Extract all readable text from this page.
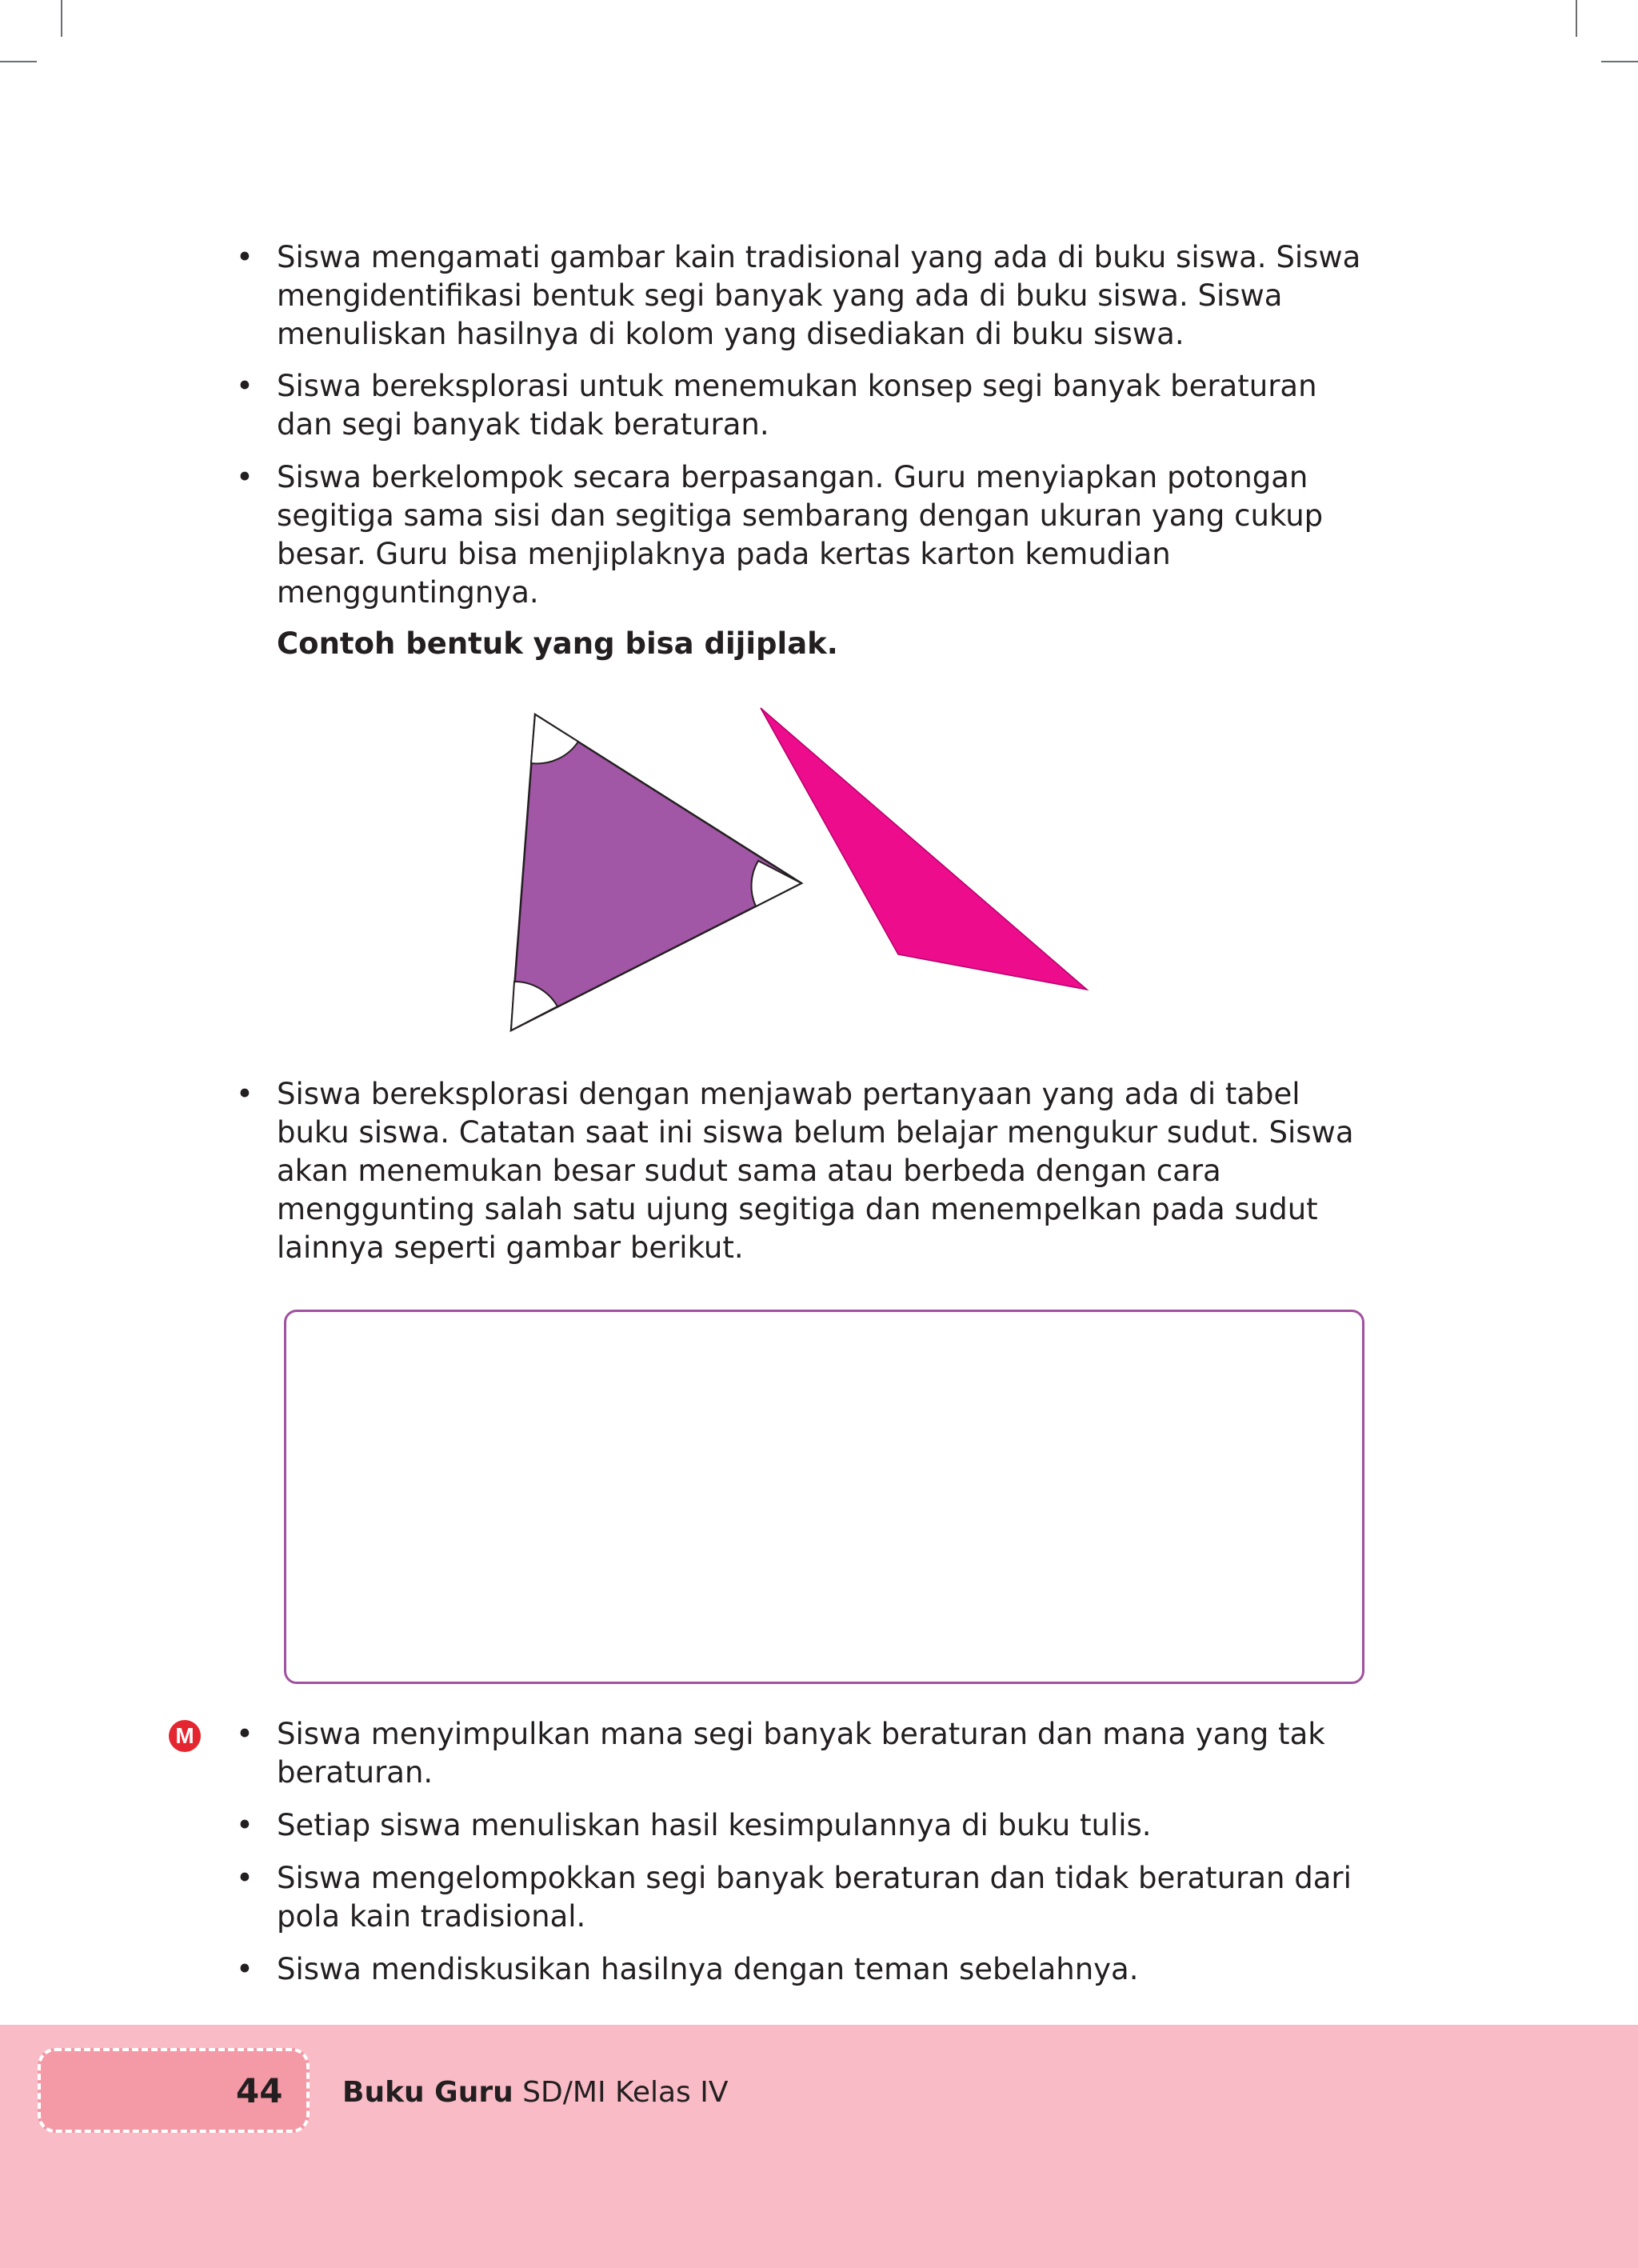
• Siswa mengamati gambar kain tradisional yang ada di buku siswa. Siswa mengidentifikasi bentuk segi banyak yang ada di buku siswa. Siswa menuliskan hasilnya di kolom yang disediakan di buku siswa.
• Siswa bereksplorasi untuk menemukan konsep segi banyak beraturan dan segi banyak tidak beraturan.
• Siswa berkelompok secara berpasangan. Guru menyiapkan potongan segitiga sama sisi dan segitiga sembarang dengan ukuran yang cukup besar. Guru bisa menjiplaknya pada kertas karton kemudian mengguntingnya.
Contoh bentuk yang bisa dijiplak.
• Siswa bereksplorasi dengan menjawab pertanyaan yang ada di tabel buku siswa. Catatan saat ini siswa belum belajar mengukur sudut. Siswa akan menemukan besar sudut sama atau berbeda dengan cara menggunting salah satu ujung segitiga dan menempelkan pada sudut lainnya seperti gambar berikut.
M • Siswa menyimpulkan mana segi banyak beraturan dan mana yang tak beraturan.
• Setiap siswa menuliskan hasil kesimpulannya di buku tulis.
• Siswa mengelompokkan segi banyak beraturan dan tidak beraturan dari pola kain tradisional.
• Siswa mendiskusikan hasilnya dengan teman sebelahnya.
44 Buku Guru SD/MI Kelas IV
